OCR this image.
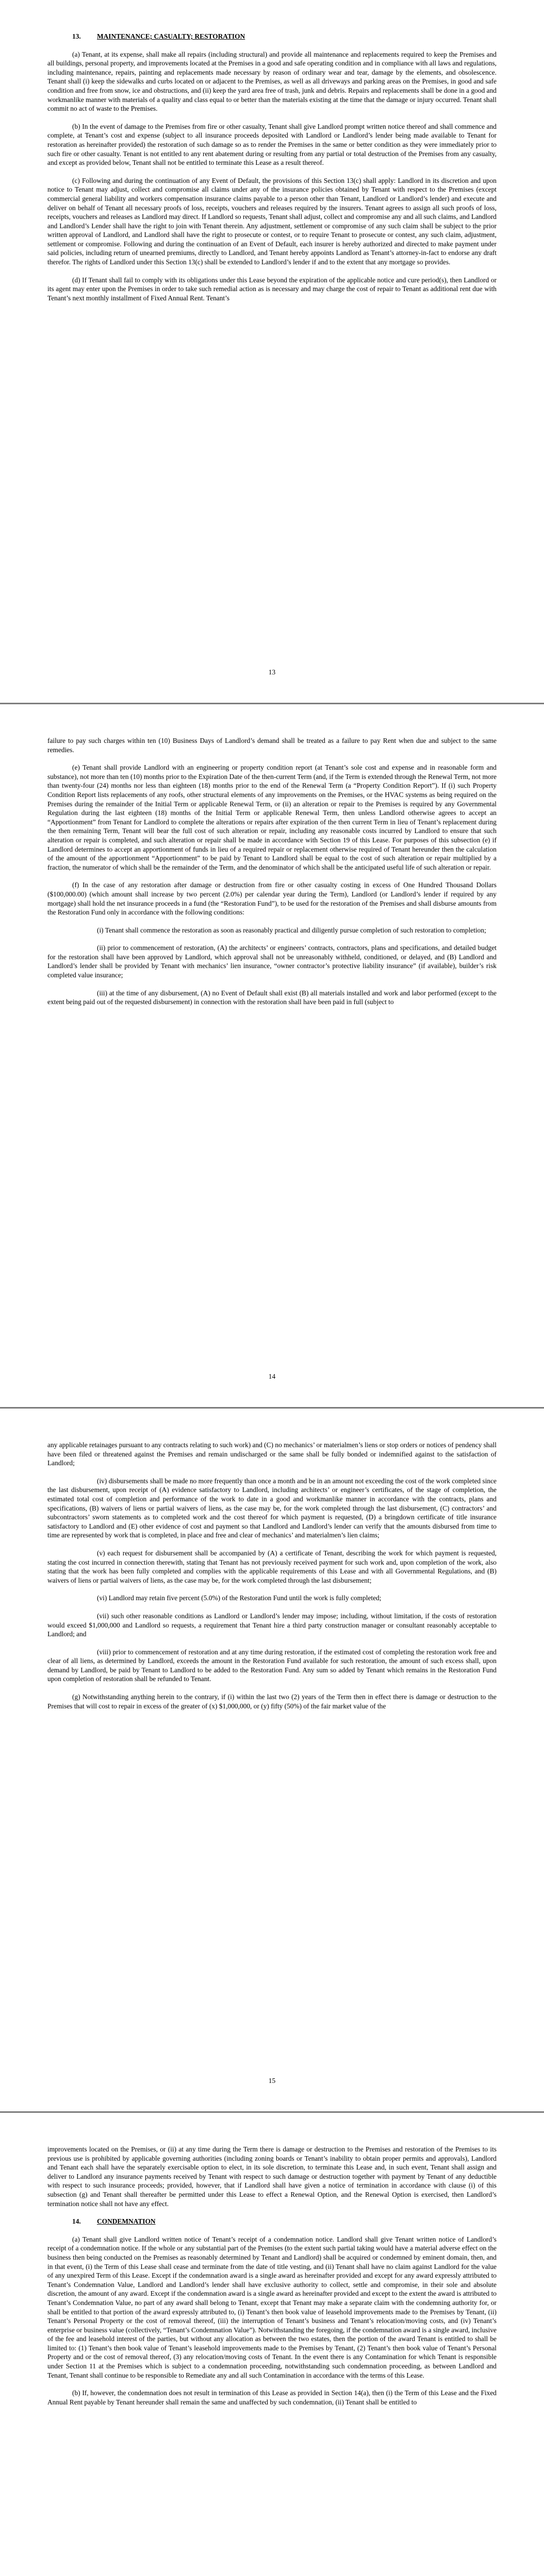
13. MAINTENANCE; CASUALTY; RESTORATION

(a) Tenant, at its expense, shall make all repairs (including structural) and provide all maintenance and replacements required to keep the Premises and all buildings, personal property, and improvements located at the Premises in a good and safe operating condition and in compliance with all laws and regulations, including maintenance, repairs, painting and replacements made necessary by reason of ordinary wear and tear, damage by the elements, and obsolescence. Tenant shall (i) keep the sidewalks and curbs located on or adjacent to the Premises, as well as all driveways and parking areas on the Premises, in good and safe condition and free from snow, ice and obstructions, and (ii) keep the yard area free of trash, junk and debris. Repairs and replacements shall be done in a good and workmanlike manner with materials of a quality and class equal to or better than the materials existing at the time that the damage or injury occurred. Tenant shall commit no act of waste to the Premises.

(b) In the event of damage to the Premises from fire or other casualty, Tenant shall give Landlord prompt written notice thereof and shall commence and complete, at Tenant’s cost and expense (subject to all insurance proceeds deposited with Landlord or Landlord’s lender being made available to Tenant for restoration as hereinafter provided) the restoration of such damage so as to render the Premises in the same or better condition as they were immediately prior to such fire or other casualty. Tenant is not entitled to any rent abatement during or resulting from any partial or total destruction of the Premises from any casualty, and except as provided below, Tenant shall not be entitled to terminate this Lease as a result thereof.

(c) Following and during the continuation of any Event of Default, the provisions of this Section 13(c) shall apply: Landlord in its discretion and upon notice to Tenant may adjust, collect and compromise all claims under any of the insurance policies obtained by Tenant with respect to the Premises (except commercial general liability and workers compensation insurance claims payable to a person other than Tenant, Landlord or Landlord’s lender) and execute and deliver on behalf of Tenant all necessary proofs of loss, receipts, vouchers and releases required by the insurers. Tenant agrees to assign all such proofs of loss, receipts, vouchers and releases as Landlord may direct. If Landlord so requests, Tenant shall adjust, collect and compromise any and all such claims, and Landlord and Landlord’s Lender shall have the right to join with Tenant therein. Any adjustment, settlement or compromise of any such claim shall be subject to the prior written approval of Landlord, and Landlord shall have the right to prosecute or contest, or to require Tenant to prosecute or contest, any such claim, adjustment, settlement or compromise. Following and during the continuation of an Event of Default, each insurer is hereby authorized and directed to make payment under said policies, including return of unearned premiums, directly to Landlord, and Tenant hereby appoints Landlord as Tenant’s attorney-in-fact to endorse any draft therefor. The rights of Landlord under this Section 13(c) shall be extended to Landlord’s lender if and to the extent that any mortgage so provides.

(d) If Tenant shall fail to comply with its obligations under this Lease beyond the expiration of the applicable notice and cure period(s), then Landlord or its agent may enter upon the Premises in order to take such remedial action as is necessary and may charge the cost of repair to Tenant as additional rent due with Tenant’s next monthly installment of Fixed Annual Rent. Tenant’s

13

failure to pay such charges within ten (10) Business Days of Landlord’s demand shall be treated as a failure to pay Rent when due and subject to the same remedies.

(e) Tenant shall provide Landlord with an engineering or property condition report (at Tenant’s sole cost and expense and in reasonable form and substance), not more than ten (10) months prior to the Expiration Date of the then-current Term (and, if the Term is extended through the Renewal Term, not more than twenty-four (24) months nor less than eighteen (18) months prior to the end of the Renewal Term (a “Property Condition Report”). If (i) such Property Condition Report lists replacements of any roofs, other structural elements of any improvements on the Premises, or the HVAC systems as being required on the Premises during the remainder of the Initial Term or applicable Renewal Term, or (ii) an alteration or repair to the Premises is required by any Governmental Regulation during the last eighteen (18) months of the Initial Term or applicable Renewal Term, then unless Landlord otherwise agrees to accept an “Apportionment” from Tenant for Landlord to complete the alterations or repairs after expiration of the then current Term in lieu of Tenant’s replacement during the then remaining Term, Tenant will bear the full cost of such alteration or repair, including any reasonable costs incurred by Landlord to ensure that such alteration or repair is completed, and such alteration or repair shall be made in accordance with Section 19 of this Lease. For purposes of this subsection (e) if Landlord determines to accept an apportionment of funds in lieu of a required repair or replacement otherwise required of Tenant hereunder then the calculation of the amount of the apportionment “Apportionment” to be paid by Tenant to Landlord shall be equal to the cost of such alteration or repair multiplied by a fraction, the numerator of which shall be the remainder of the Term, and the denominator of which shall be the anticipated useful life of such alteration or repair.

(f) In the case of any restoration after damage or destruction from fire or other casualty costing in excess of One Hundred Thousand Dollars ($100,000.00) (which amount shall increase by two percent (2.0%) per calendar year during the Term), Landlord (or Landlord’s lender if required by any mortgage) shall hold the net insurance proceeds in a fund (the “Restoration Fund”), to be used for the restoration of the Premises and shall disburse amounts from the Restoration Fund only in accordance with the following conditions:

(i) Tenant shall commence the restoration as soon as reasonably practical and diligently pursue completion of such restoration to completion;

(ii) prior to commencement of restoration, (A) the architects’ or engineers’ contracts, contractors, plans and specifications, and detailed budget for the restoration shall have been approved by Landlord, which approval shall not be unreasonably withheld, conditioned, or delayed, and (B) Landlord and Landlord’s lender shall be provided by Tenant with mechanics’ lien insurance, “owner contractor’s protective liability insurance” (if available), builder’s risk completed value insurance;

(iii) at the time of any disbursement, (A) no Event of Default shall exist (B) all materials installed and work and labor performed (except to the extent being paid out of the requested disbursement) in connection with the restoration shall have been paid in full (subject to

14

any applicable retainages pursuant to any contracts relating to such work) and (C) no mechanics’ or materialmen’s liens or stop orders or notices of pendency shall have been filed or threatened against the Premises and remain undischarged or the same shall be fully bonded or indemnified against to the satisfaction of Landlord;

(iv) disbursements shall be made no more frequently than once a month and be in an amount not exceeding the cost of the work completed since the last disbursement, upon receipt of (A) evidence satisfactory to Landlord, including architects’ or engineer’s certificates, of the stage of completion, the estimated total cost of completion and performance of the work to date in a good and workmanlike manner in accordance with the contracts, plans and specifications, (B) waivers of liens or partial waivers of liens, as the case may be, for the work completed through the last disbursement, (C) contractors’ and subcontractors’ sworn statements as to completed work and the cost thereof for which payment is requested, (D) a bringdown certificate of title insurance satisfactory to Landlord and (E) other evidence of cost and payment so that Landlord and Landlord’s lender can verify that the amounts disbursed from time to time are represented by work that is completed, in place and free and clear of mechanics’ and materialmen’s lien claims;

(v) each request for disbursement shall be accompanied by (A) a certificate of Tenant, describing the work for which payment is requested, stating the cost incurred in connection therewith, stating that Tenant has not previously received payment for such work and, upon completion of the work, also stating that the work has been fully completed and complies with the applicable requirements of this Lease and with all Governmental Regulations, and (B) waivers of liens or partial waivers of liens, as the case may be, for the work completed through the last disbursement;

(vi) Landlord may retain five percent (5.0%) of the Restoration Fund until the work is fully completed;

(vii) such other reasonable conditions as Landlord or Landlord’s lender may impose; including, without limitation, if the costs of restoration would exceed $1,000,000 and Landlord so requests, a requirement that Tenant hire a third party construction manager or consultant reasonably acceptable to Landlord; and

(viii) prior to commencement of restoration and at any time during restoration, if the estimated cost of completing the restoration work free and clear of all liens, as determined by Landlord, exceeds the amount in the Restoration Fund available for such restoration, the amount of such excess shall, upon demand by Landlord, be paid by Tenant to Landlord to be added to the Restoration Fund. Any sum so added by Tenant which remains in the Restoration Fund upon completion of restoration shall be refunded to Tenant.

(g) Notwithstanding anything herein to the contrary, if (i) within the last two (2) years of the Term then in effect there is damage or destruction to the Premises that will cost to repair in excess of the greater of (x) $1,000,000, or (y) fifty (50%) of the fair market value of the

15

improvements located on the Premises, or (ii) at any time during the Term there is damage or destruction to the Premises and restoration of the Premises to its previous use is prohibited by applicable governing authorities (including zoning boards or Tenant’s inability to obtain proper permits and approvals), Landlord and Tenant each shall have the separately exercisable option to elect, in its sole discretion, to terminate this Lease and, in such event, Tenant shall assign and deliver to Landlord any insurance payments received by Tenant with respect to such damage or destruction together with payment by Tenant of any deductible with respect to such insurance proceeds; provided, however, that if Landlord shall have given a notice of termination in accordance with clause (i) of this subsection (g) and Tenant shall thereafter be permitted under this Lease to effect a Renewal Option, and the Renewal Option is exercised, then Landlord’s termination notice shall not have any effect.

14. CONDEMNATION

(a) Tenant shall give Landlord written notice of Tenant’s receipt of a condemnation notice. Landlord shall give Tenant written notice of Landlord’s receipt of a condemnation notice. If the whole or any substantial part of the Premises (to the extent such partial taking would have a material adverse effect on the business then being conducted on the Premises as reasonably determined by Tenant and Landlord) shall be acquired or condemned by eminent domain, then, and in that event, (i) the Term of this Lease shall cease and terminate from the date of title vesting, and (ii) Tenant shall have no claim against Landlord for the value of any unexpired Term of this Lease. Except if the condemnation award is a single award as hereinafter provided and except for any award expressly attributed to Tenant’s Condemnation Value, Landlord and Landlord’s lender shall have exclusive authority to collect, settle and compromise, in their sole and absolute discretion, the amount of any award. Except if the condemnation award is a single award as hereinafter provided and except to the extent the award is attributed to Tenant’s Condemnation Value, no part of any award shall belong to Tenant, except that Tenant may make a separate claim with the condemning authority for, or shall be entitled to that portion of the award expressly attributed to, (i) Tenant’s then book value of leasehold improvements made to the Premises by Tenant, (ii) Tenant’s Personal Property or the cost of removal thereof, (iii) the interruption of Tenant’s business and Tenant’s relocation/moving costs, and (iv) Tenant’s enterprise or business value (collectively, “Tenant’s Condemnation Value”). Notwithstanding the foregoing, if the condemnation award is a single award, inclusive of the fee and leasehold interest of the parties, but without any allocation as between the two estates, then the portion of the award Tenant is entitled to shall be limited to: (1) Tenant’s then book value of Tenant’s leasehold improvements made to the Premises by Tenant, (2) Tenant’s then book value of Tenant’s Personal Property and or the cost of removal thereof, (3) any relocation/moving costs of Tenant. In the event there is any Contamination for which Tenant is responsible under Section 11 at the Premises which is subject to a condemnation proceeding, notwithstanding such condemnation proceeding, as between Landlord and Tenant, Tenant shall continue to be responsible to Remediate any and all such Contamination in accordance with the terms of this Lease.

(b) If, however, the condemnation does not result in termination of this Lease as provided in Section 14(a), then (i) the Term of this Lease and the Fixed Annual Rent payable by Tenant hereunder shall remain the same and unaffected by such condemnation, (ii) Tenant shall be entitled to
